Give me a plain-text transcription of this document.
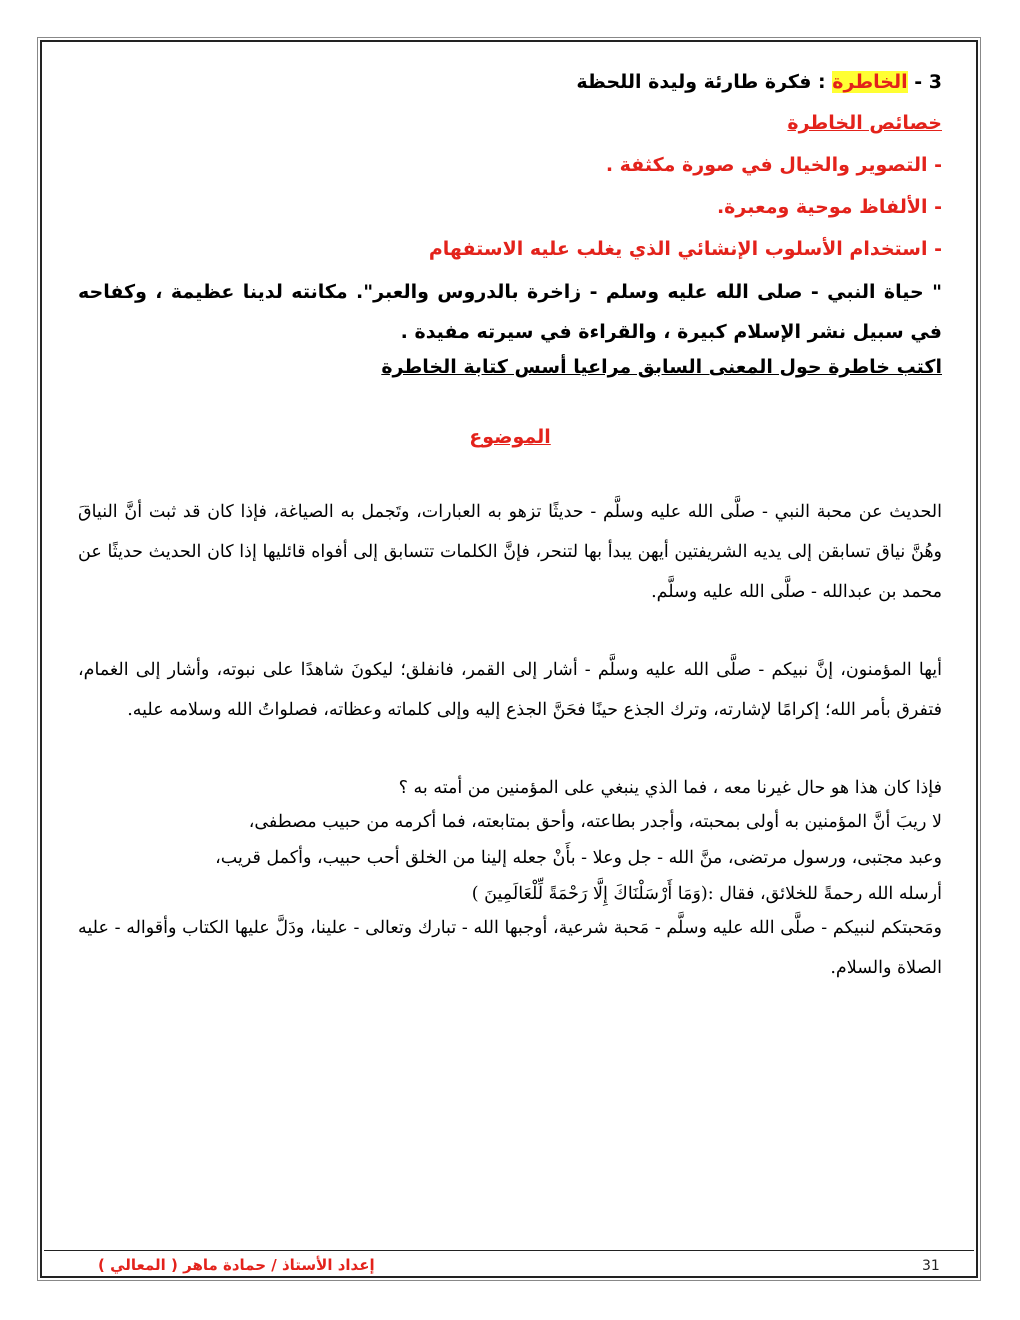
3 - الخاطرة : فكرة طارئة وليدة اللحظة

خصائص الخاطرة

- التصوير والخيال في صورة مكثفة .

- الألفاظ موحية ومعبرة.

- استخدام الأسلوب الإنشائي الذي يغلب عليه الاستفهام

" حياة النبي - صلى الله عليه وسلم - زاخرة بالدروس والعبر". مكانته لدينا عظيمة ، وكفاحه في سبيل نشر الإسلام كبيرة ، والقراءة في سيرته مفيدة .

اكتب خاطرة حول المعنى السابق مراعيا أسس كتابة الخاطرة

الموضوع

الحديث عن محبة النبي - صلَّى الله عليه وسلَّم - حديثًا تزهو به العبارات، وتَجمل به الصياغة، فإذا كان قد ثبت أنَّ النياقَ وهُنَّ نياق تسابقن إلى يديه الشريفتين أيهن يبدأ بها لتنحر، فإنَّ الكلمات تتسابق إلى أفواه قائليها إذا كان الحديث حديثًا عن محمد بن عبدالله - صلَّى الله عليه وسلَّم.

أيها المؤمنون، إنَّ نبيكم - صلَّى الله عليه وسلَّم - أشار إلى القمر، فانفلق؛ ليكونَ شاهدًا على نبوته، وأشار إلى الغمام، فتفرق بأمر الله؛ إكرامًا لإشارته، وترك الجذع حينًا فحَنَّ الجذع إليه وإلى كلماته وعظاته، فصلواتُ الله وسلامه عليه.

فإذا كان هذا هو حال غيرنا معه ، فما الذي ينبغي على المؤمنين من أمته به ؟

لا ريبَ أنَّ المؤمنين به أولى بمحبته، وأجدر بطاعته، وأحق بمتابعته، فما أكرمه من حبيب مصطفى،

وعبد مجتبى، ورسول مرتضى، منَّ الله - جل وعلا - بأَنْ جعله إلينا من الخلق أحب حبيب، وأكمل قريب،

أرسله الله رحمةً للخلائق، فقال :(وَمَا أَرْسَلْنَاكَ إِلَّا رَحْمَةً لِّلْعَالَمِينَ )

ومَحبتكم لنبيكم - صلَّى الله عليه وسلَّم - مَحبة شرعية، أوجبها الله - تبارك وتعالى - علينا، ودَلَّ عليها الكتاب وأقواله - عليه الصلاة والسلام.

إعداد الأستاذ / حمادة ماهر ( المعالي )	31
